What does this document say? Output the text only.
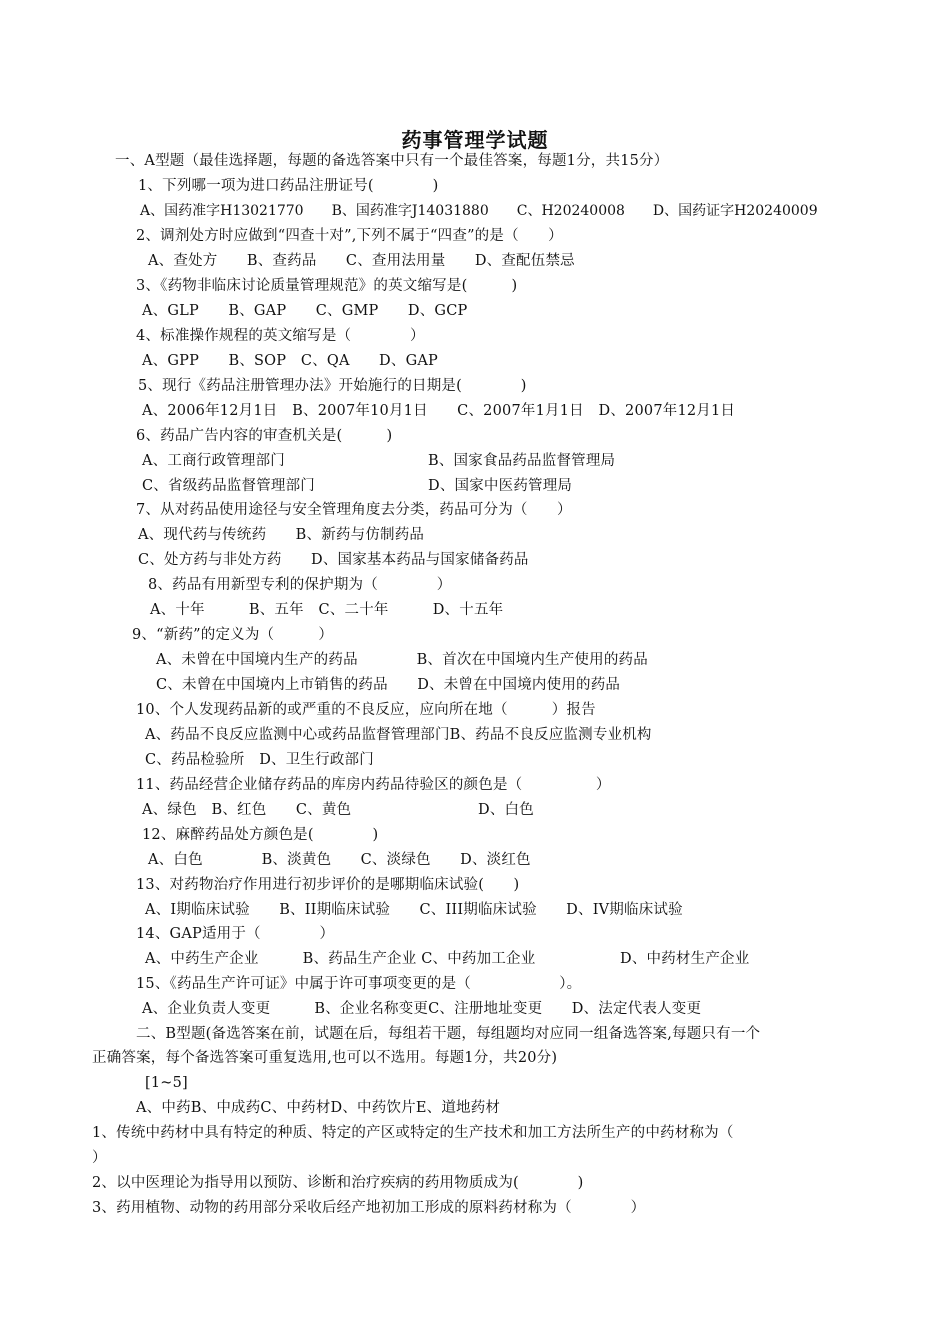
药事管理学试题
一、A型题（最佳选择题，每题的备选答案中只有一个最佳答案，每题1分，共15分）
1、下列哪一项为进口药品注册证号(　　　　)
A、国药准字H13021770　　B、国药准字J14031880　　C、H20240008　　D、国药证字H20240009
2、调剂处方时应做到“四查十对”,下列不属于“四查”的是（　　）
A、查处方　　B、查药品　　C、查用法用量　　D、查配伍禁忌
3、《药物非临床讨论质量管理规范》的英文缩写是(　　　)
A、GLP　　B、GAP　　C、GMP　　D、GCP
4、标准操作规程的英文缩写是（　　　　）
A、GPP　　B、SOP　C、QA　　D、GAP
5、现行《药品注册管理办法》开始施行的日期是(　　　　)
A、2006年12月1日　B、2007年10月1日　　C、2007年1月1日　D、2007年12月1日
6、药品广告内容的审查机关是(　　　)
A、工商行政管理部门	B、国家食品药品监督管理局
C、省级药品监督管理部门	D、国家中医药管理局
7、从对药品使用途径与安全管理角度去分类，药品可分为（　　）
A、现代药与传统药　　B、新药与仿制药品
C、处方药与非处方药　　D、国家基本药品与国家储备药品
8、药品有用新型专利的保护期为（　　　　）
A、十年　　　B、五年　C、二十年　　　D、十五年
9、“新药”的定义为（　　　）
A、未曾在中国境内生产的药品　　　　B、首次在中国境内生产使用的药品
C、未曾在中国境内上市销售的药品　　D、未曾在中国境内使用的药品
10、个人发现药品新的或严重的不良反应，应向所在地（　　　）报告
A、药品不良反应监测中心或药品监督管理部门B、药品不良反应监测专业机构
C、药品检验所　D、卫生行政部门
11、药品经营企业储存药品的库房内药品待验区的颜色是（　　　　　）
A、绿色　B、红色　　C、黄色	D、白色
12、麻醉药品处方颜色是(　　　　)
A、白色　　　　B、淡黄色　　C、淡绿色　　D、淡红色
13、对药物治疗作用进行初步评价的是哪期临床试验(　　)
A、I期临床试验　　B、II期临床试验　　C、III期临床试验　　D、IV期临床试验
14、GAP适用于（　　　　）
A、中药生产企业　　　B、药品生产企业 C、中药加工企业	D、中药材生产企业
15、《药品生产许可证》中属于许可事项变更的是（　　　　　　）。
A、企业负责人变更　　　B、企业名称变更C、注册地址变更　　D、法定代表人变更
二、B型题(备选答案在前，试题在后，每组若干题，每组题均对应同一组备选答案,每题只有一个
正确答案，每个备选答案可重复选用,也可以不选用。每题1分，共20分)
[1~5]
A、中药B、中成药C、中药材D、中药饮片E、道地药材
1、传统中药材中具有特定的种质、特定的产区或特定的生产技术和加工方法所生产的中药材称为（
）
2、以中医理论为指导用以预防、诊断和治疗疾病的药用物质成为(　　　　)
3、药用植物、动物的药用部分采收后经产地初加工形成的原料药材称为（　　　　）
